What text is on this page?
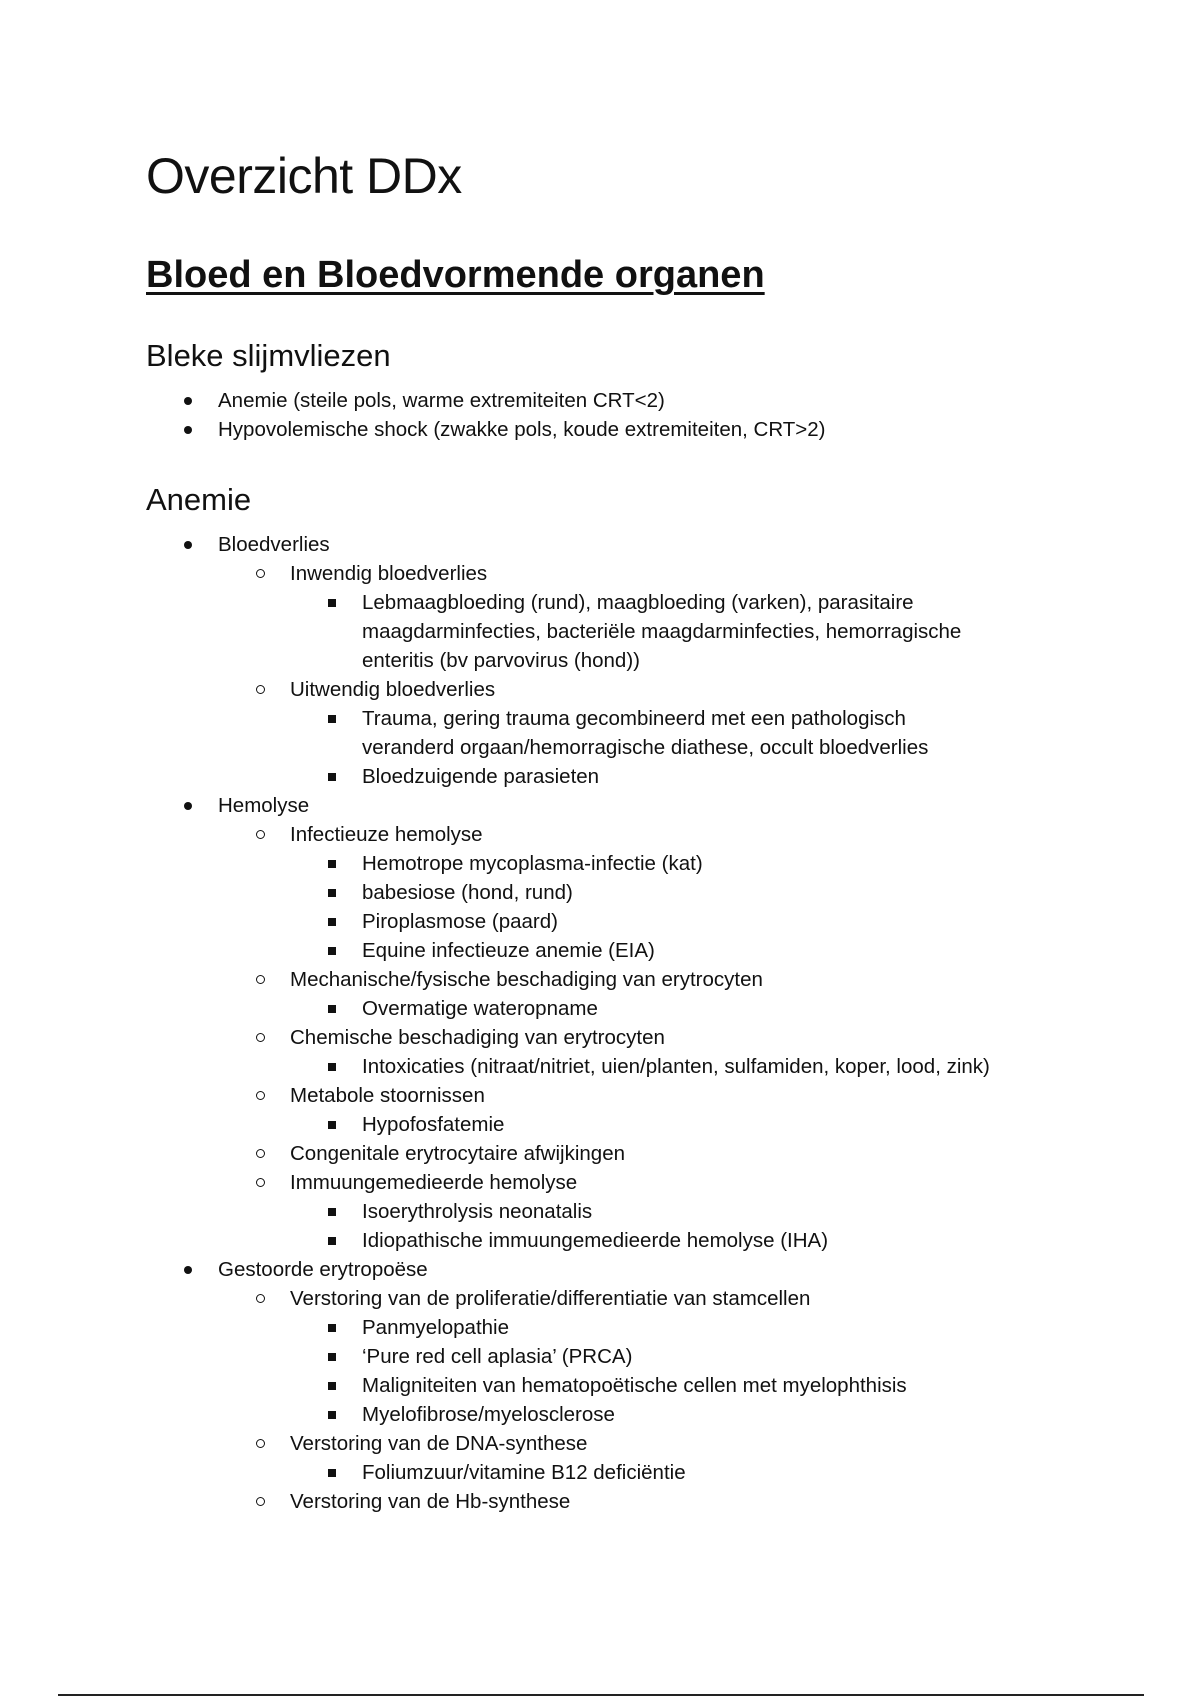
Overzicht DDx
Bloed en Bloedvormende organen
Bleke slijmvliezen
Anemie (steile pols, warme extremiteiten CRT<2)
Hypovolemische shock (zwakke pols, koude extremiteiten, CRT>2)
Anemie
Bloedverlies
Inwendig bloedverlies
Lebmaagbloeding (rund), maagbloeding (varken), parasitaire maagdarminfecties, bacteriële maagdarminfecties, hemorragische enteritis (bv parvovirus (hond))
Uitwendig bloedverlies
Trauma, gering trauma gecombineerd met een pathologisch veranderd orgaan/hemorragische diathese, occult bloedverlies
Bloedzuigende parasieten
Hemolyse
Infectieuze hemolyse
Hemotrope mycoplasma-infectie (kat)
babesiose (hond, rund)
Piroplasmose (paard)
Equine infectieuze anemie (EIA)
Mechanische/fysische beschadiging van erytrocyten
Overmatige wateropname
Chemische beschadiging van erytrocyten
Intoxicaties (nitraat/nitriet, uien/planten, sulfamiden, koper, lood, zink)
Metabole stoornissen
Hypofosfatemie
Congenitale erytrocytaire afwijkingen
Immuungemedieerde hemolyse
Isoerythrolysis neonatalis
Idiopathische immuungemedieerde hemolyse (IHA)
Gestoorde erytropoëse
Verstoring van de proliferatie/differentiatie van stamcellen
Panmyelopathie
‘Pure red cell aplasia’ (PRCA)
Maligniteiten van hematopoëtische cellen met myelophthisis
Myelofibrose/myelosclerose
Verstoring van de DNA-synthese
Foliumzuur/vitamine B12 deficiëntie
Verstoring van de Hb-synthese
